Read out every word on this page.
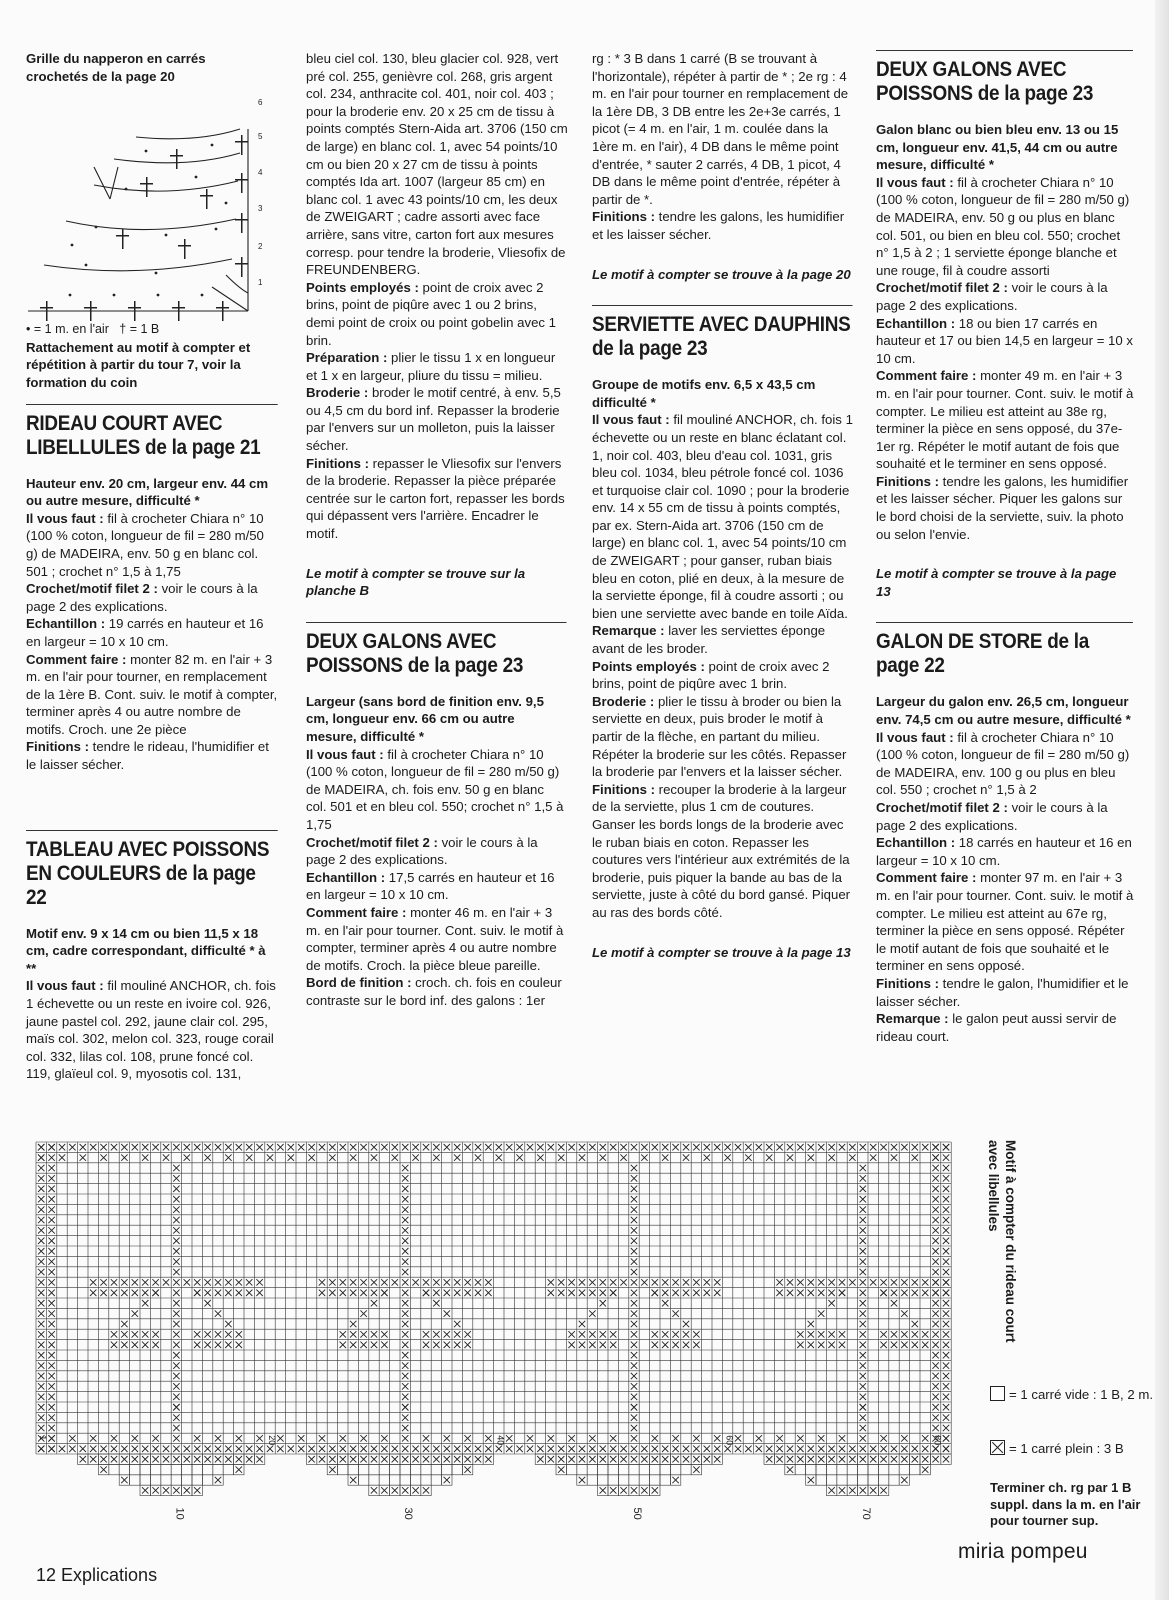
Grille du napperon en carrés crochetés de la page 20

1
2
3
4
5
6

• = 1 m. en l'air † = 1 B

Rattachement au motif à compter et répétition à partir du tour 7, voir la formation du coin

RIDEAU COURT AVEC LIBELLULES de la page 21

Hauteur env. 20 cm, largeur env. 44 cm ou autre mesure, difficulté *

Il vous faut : fil à crocheter Chiara n° 10 (100 % coton, longueur de fil = 280 m/50 g) de MADEIRA, env. 50 g en blanc col. 501 ; crochet n° 1,5 à 1,75

Crochet/motif filet 2 : voir le cours à la page 2 des explications.

Echantillon : 19 carrés en hauteur et 16 en largeur = 10 x 10 cm.

Comment faire : monter 82 m. en l'air + 3 m. en l'air pour tourner, en remplacement de la 1ère B. Cont. suiv. le motif à compter, terminer après 4 ou autre nombre de motifs. Croch. une 2e pièce

Finitions : tendre le rideau, l'humidifier et le laisser sécher.

TABLEAU AVEC POISSONS EN COULEURS de la page 22

Motif env. 9 x 14 cm ou bien 11,5 x 18 cm, cadre correspondant, difficulté * à **

Il vous faut : fil mouliné ANCHOR, ch. fois 1 échevette ou un reste en ivoire col. 926, jaune pastel col. 292, jaune clair col. 295, maïs col. 302, melon col. 323, rouge corail col. 332, lilas col. 108, prune foncé col. 119, glaïeul col. 9, myosotis col. 131,

bleu ciel col. 130, bleu glacier col. 928, vert pré col. 255, genièvre col. 268, gris argent col. 234, anthracite col. 401, noir col. 403 ; pour la broderie env. 20 x 25 cm de tissu à points comptés Stern-Aida art. 3706 (150 cm de large) en blanc col. 1, avec 54 points/10 cm ou bien 20 x 27 cm de tissu à points comptés Ida art. 1007 (largeur 85 cm) en blanc col. 1 avec 43 points/10 cm, les deux de ZWEIGART ; cadre assorti avec face arrière, sans vitre, carton fort aux mesures corresp. pour tendre la broderie, Vliesofix de FREUNDENBERG.

Points employés : point de croix avec 2 brins, point de piqûre avec 1 ou 2 brins, demi point de croix ou point gobelin avec 1 brin.

Préparation : plier le tissu 1 x en longueur et 1 x en largeur, pliure du tissu = milieu.

Broderie : broder le motif centré, à env. 5,5 ou 4,5 cm du bord inf. Repasser la broderie par l'envers sur un molleton, puis la laisser sécher.

Finitions : repasser le Vliesofix sur l'envers de la broderie. Repasser la pièce préparée centrée sur le carton fort, repasser les bords qui dépassent vers l'arrière. Encadrer le motif.

Le motif à compter se trouve sur la planche B

DEUX GALONS AVEC POISSONS de la page 23

Largeur (sans bord de finition env. 9,5 cm, longueur env. 66 cm ou autre mesure, difficulté *

Il vous faut : fil à crocheter Chiara n° 10 (100 % coton, longueur de fil = 280 m/50 g) de MADEIRA, ch. fois env. 50 g en blanc col. 501 et en bleu col. 550; crochet n° 1,5 à 1,75

Crochet/motif filet 2 : voir le cours à la page 2 des explications.

Echantillon : 17,5 carrés en hauteur et 16 en largeur = 10 x 10 cm.

Comment faire : monter 46 m. en l'air + 3 m. en l'air pour tourner. Cont. suiv. le motif à compter, terminer après 4 ou autre nombre de motifs. Croch. la pièce bleue pareille.

Bord de finition : croch. ch. fois en couleur contraste sur le bord inf. des galons : 1er

rg : * 3 B dans 1 carré (B se trouvant à l'horizontale), répéter à partir de * ; 2e rg : 4 m. en l'air pour tourner en remplacement de la 1ère DB, 3 DB entre les 2e+3e carrés, 1 picot (= 4 m. en l'air, 1 m. coulée dans la 1ère m. en l'air), 4 DB dans le même point d'entrée, * sauter 2 carrés, 4 DB, 1 picot, 4 DB dans le même point d'entrée, répéter à partir de *.

Finitions : tendre les galons, les humidifier et les laisser sécher.

Le motif à compter se trouve à la page 20

SERVIETTE AVEC DAUPHINS de la page 23

Groupe de motifs env. 6,5 x 43,5 cm difficulté *

Il vous faut : fil mouliné ANCHOR, ch. fois 1 échevette ou un reste en blanc éclatant col. 1, noir col. 403, bleu d'eau col. 1031, gris bleu col. 1034, bleu pétrole foncé col. 1036 et turquoise clair col. 1090 ; pour la broderie env. 14 x 55 cm de tissu à points comptés, par ex. Stern-Aida art. 3706 (150 cm de large) en blanc col. 1, avec 54 points/10 cm de ZWEIGART ; pour ganser, ruban biais bleu en coton, plié en deux, à la mesure de la serviette éponge, fil à coudre assorti ; ou bien une serviette avec bande en toile Aïda.

Remarque : laver les serviettes éponge avant de les broder.

Points employés : point de croix avec 2 brins, point de piqûre avec 1 brin.

Broderie : plier le tissu à broder ou bien la serviette en deux, puis broder le motif à partir de la flèche, en partant du milieu. Répéter la broderie sur les côtés. Repasser la broderie par l'envers et la laisser sécher.

Finitions : recouper la broderie à la largeur de la serviette, plus 1 cm de coutures. Ganser les bords longs de la broderie avec le ruban biais en coton. Repasser les coutures vers l'intérieur aux extrémités de la broderie, puis piquer la bande au bas de la serviette, juste à côté du bord gansé. Piquer au ras des bords côté.

Le motif à compter se trouve à la page 13

DEUX GALONS AVEC POISSONS de la page 23

Galon blanc ou bien bleu env. 13 ou 15 cm, longueur env. 41,5, 44 cm ou autre mesure, difficulté *

Il vous faut : fil à crocheter Chiara n° 10 (100 % coton, longueur de fil = 280 m/50 g) de MADEIRA, env. 50 g ou plus en blanc col. 501, ou bien en bleu col. 550; crochet n° 1,5 à 2 ; 1 serviette éponge blanche et une rouge, fil à coudre assorti

Crochet/motif filet 2 : voir le cours à la page 2 des explications.

Echantillon : 18 ou bien 17 carrés en hauteur et 17 ou bien 14,5 en largeur = 10 x 10 cm.

Comment faire : monter 49 m. en l'air + 3 m. en l'air pour tourner. Cont. suiv. le motif à compter. Le milieu est atteint au 38e rg, terminer la pièce en sens opposé, du 37e-1er rg. Répéter le motif autant de fois que souhaité et le terminer en sens opposé.

Finitions : tendre les galons, les humidifier et les laisser sécher. Piquer les galons sur le bord choisi de la serviette, suiv. la photo ou selon l'envie.

Le motif à compter se trouve à la page 13

GALON DE STORE de la page 22

Largeur du galon env. 26,5 cm, longueur env. 74,5 cm ou autre mesure, difficulté *

Il vous faut : fil à crocheter Chiara n° 10 (100 % coton, longueur de fil = 280 m/50 g) de MADEIRA, env. 100 g ou plus en bleu col. 550 ; crochet n° 1,5 à 2

Crochet/motif filet 2 : voir le cours à la page 2 des explications.

Echantillon : 18 carrés en hauteur et 16 en largeur = 10 x 10 cm.

Comment faire : monter 97 m. en l'air + 3 m. en l'air pour tourner. Cont. suiv. le motif à compter. Le milieu est atteint au 67e rg, terminer la pièce en sens opposé. Répéter le motif autant de fois que souhaité et le terminer en sens opposé.

Finitions : tendre le galon, l'humidifier et le laisser sécher.

Remarque : le galon peut aussi servir de rideau court.

10	30	50	70
1	20	40	60	80
Motif à compter du rideau court avec libellules
= 1 carré vide : 1 B, 2 m.
= 1 carré plein : 3 B
Terminer ch. rg par 1 B suppl. dans la m. en l'air pour tourner sup.
12 Explications
miria pompeu
